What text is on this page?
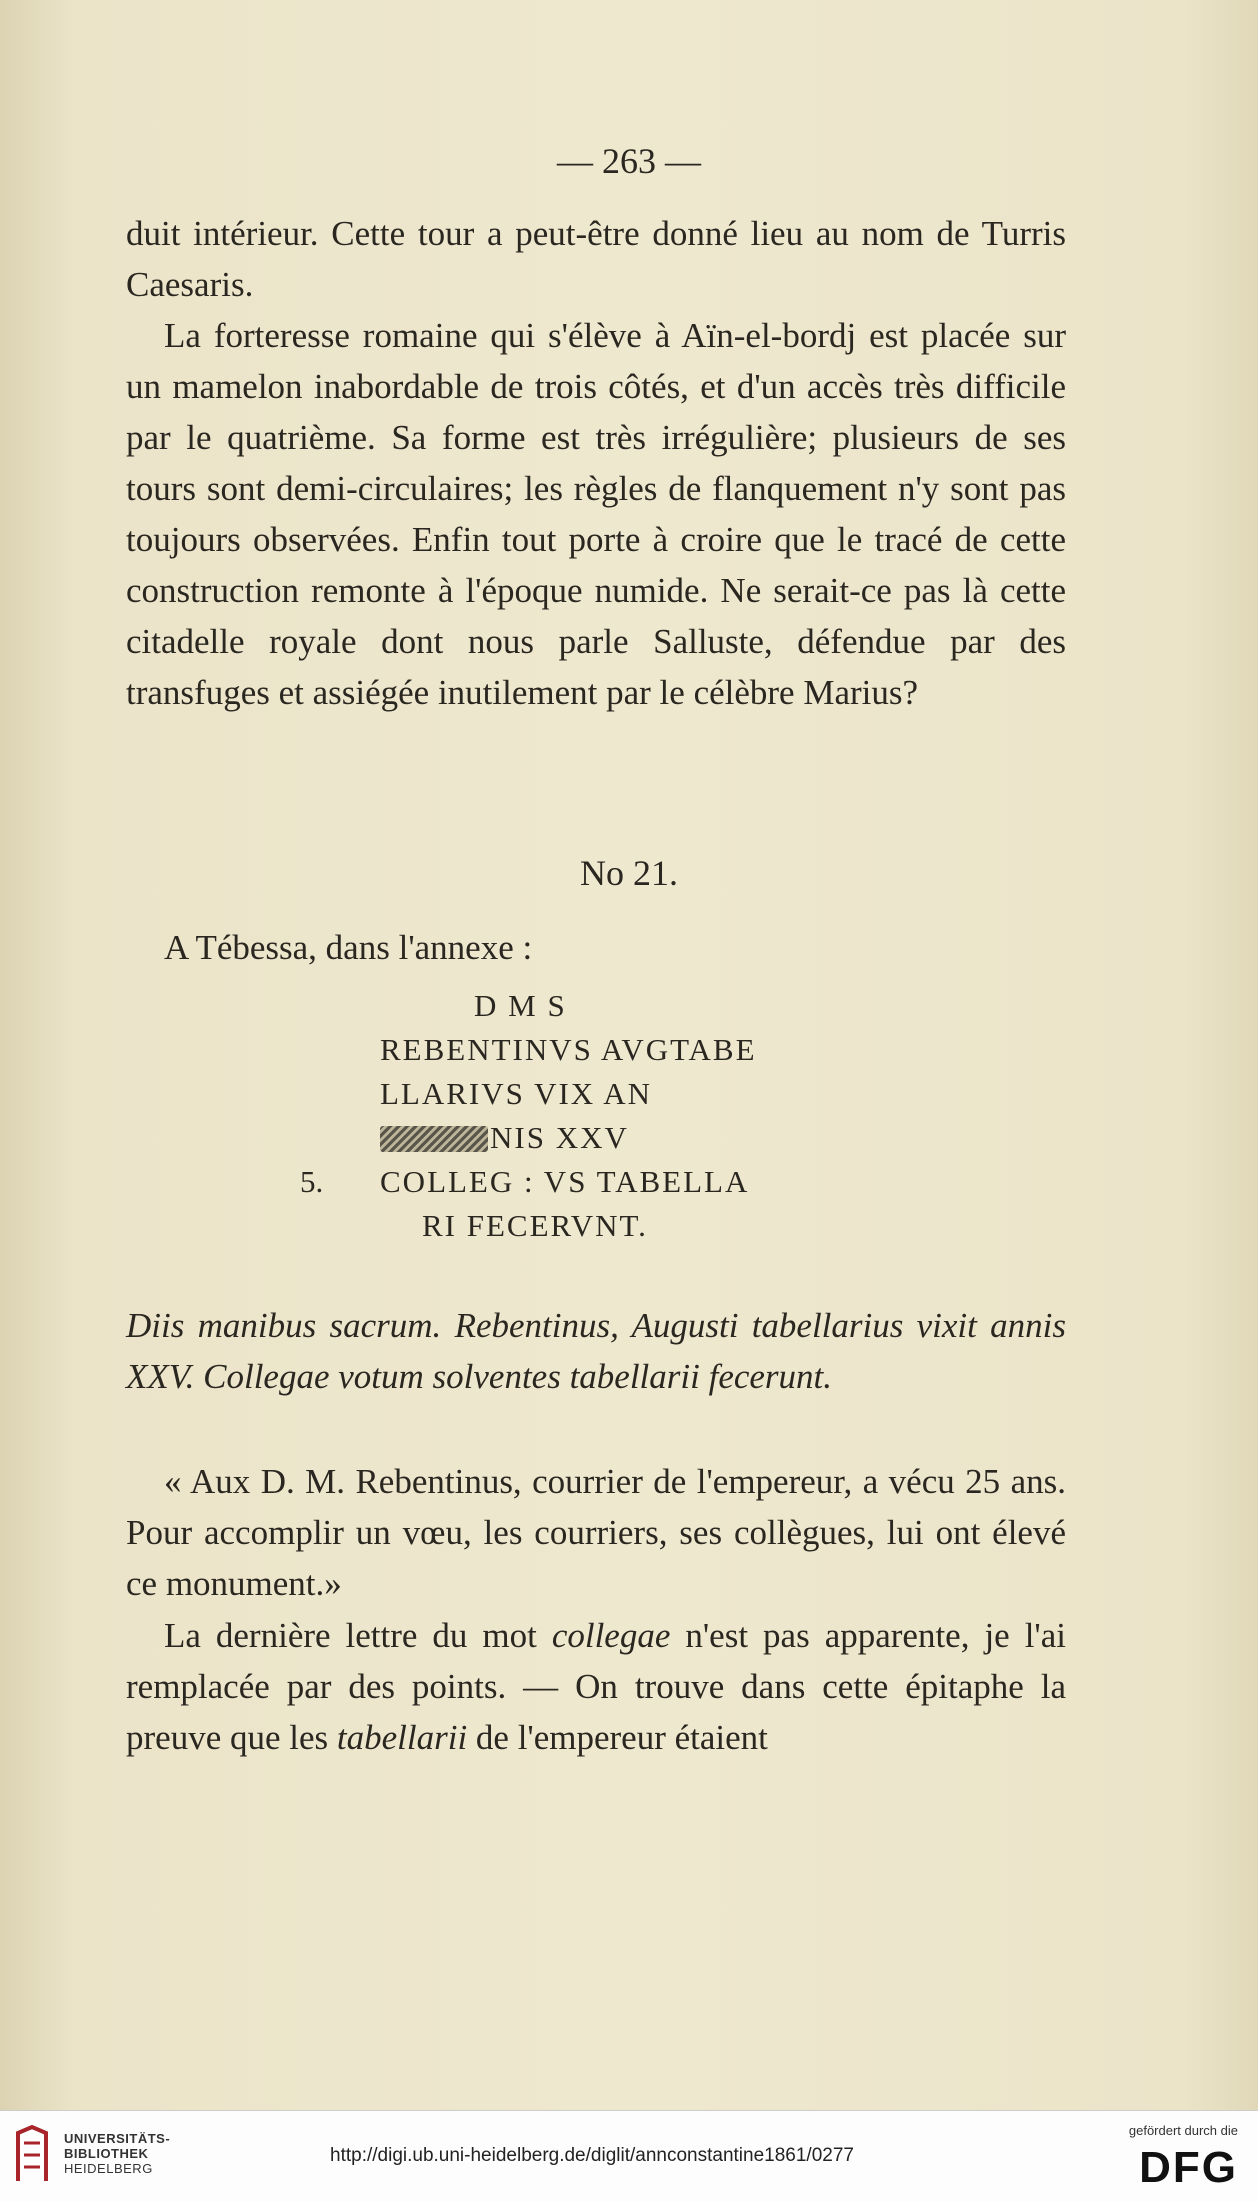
— 263 —
duit intérieur. Cette tour a peut-être donné lieu au nom de Turris Caesaris.
La forteresse romaine qui s'élève à Aïn-el-bordj est placée sur un mamelon inabordable de trois côtés, et d'un accès très difficile par le quatrième. Sa forme est très irrégulière; plusieurs de ses tours sont demi-circulaires; les règles de flanquement n'y sont pas toujours observées. Enfin tout porte à croire que le tracé de cette construction remonte à l'époque numide. Ne serait-ce pas là cette citadelle royale dont nous parle Salluste, défendue par des transfuges et assiégée inutilement par le célèbre Marius?
No 21.
A Tébessa, dans l'annexe :
D M S
REBENTINVS AVGTABE
LLARIVS VIX AN
NIS XXV
5. COLLEG : VS TABELLA
RI FECERVNT.
Diis manibus sacrum. Rebentinus, Augusti tabellarius vixit annis XXV. Collegae votum solventes tabellarii fecerunt.
« Aux D. M. Rebentinus, courrier de l'empereur, a vécu 25 ans. Pour accomplir un vœu, les courriers, ses collègues, lui ont élevé ce monument.»
La dernière lettre du mot collegae n'est pas apparente, je l'ai remplacée par des points. — On trouve dans cette épitaphe la preuve que les tabellarii de l'empereur étaient
UNIVERSITÄTS-
BIBLIOTHEK
HEIDELBERG
http://digi.ub.uni-heidelberg.de/diglit/annconstantine1861/0277
gefördert durch die
DFG
